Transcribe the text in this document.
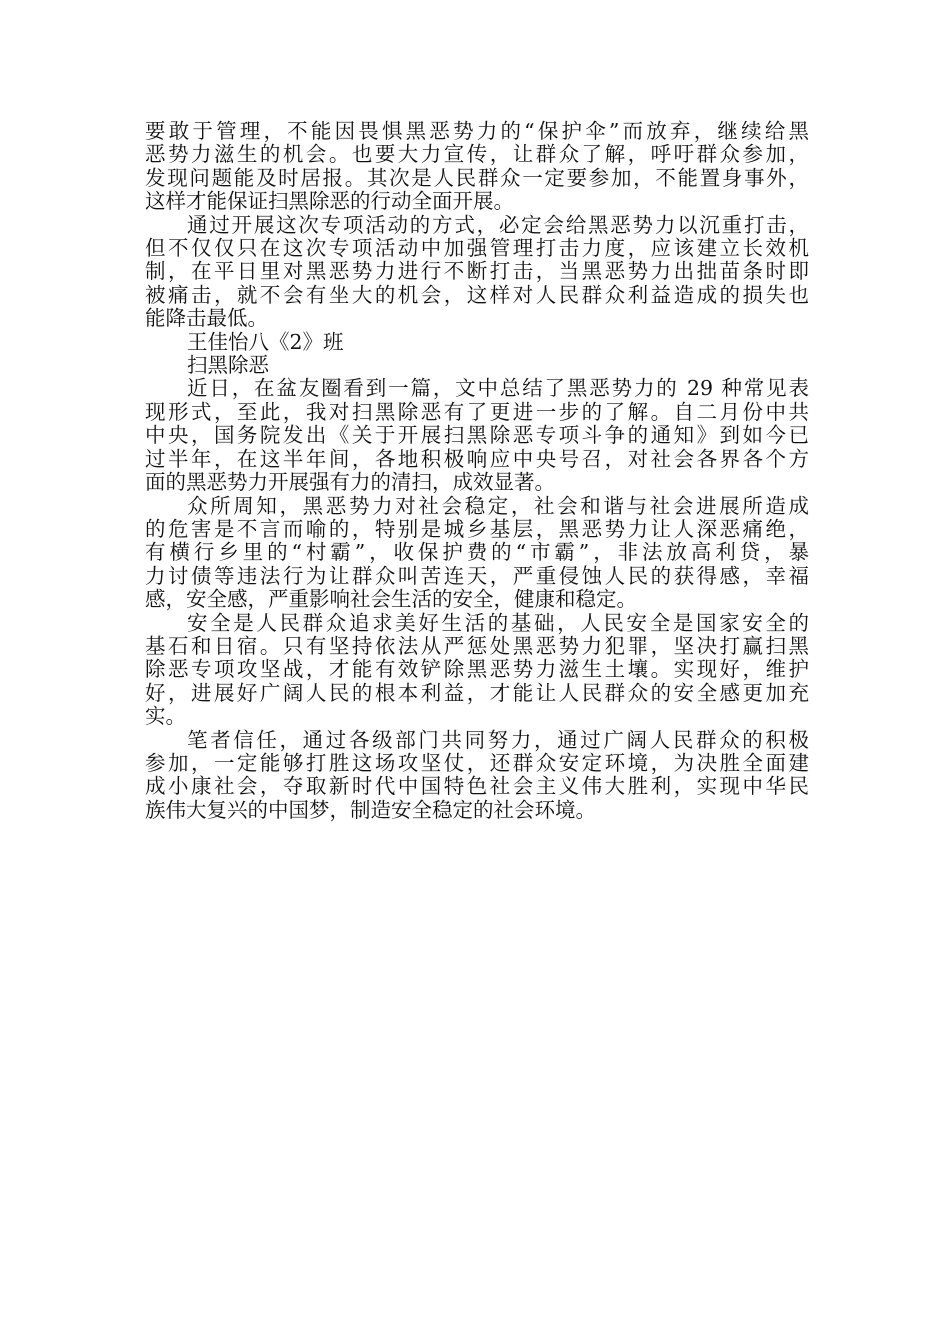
要敢于管理，不能因畏惧黑恶势力的“保护伞”而放弃，继续给黑
恶势力滋生的机会。也要大力宣传，让群众了解，呼吁群众参加，
发现问题能及时居报。其次是人民群众一定要参加，不能置身事外，
这样才能保证扫黑除恶的行动全面开展。
通过开展这次专项活动的方式，必定会给黑恶势力以沉重打击，
但不仅仅只在这次专项活动中加强管理打击力度，应该建立长效机
制，在平日里对黑恶势力进行不断打击，当黑恶势力出拙苗条时即
被痛击，就不会有坐大的机会，这样对人民群众利益造成的损失也
能降击最低。
王佳怡八《2》班
扫黑除恶
近日，在盆友圈看到一篇，文中总结了黑恶势力的 29 种常见表
现形式，至此，我对扫黑除恶有了更进一步的了解。自二月份中共
中央，国务院发出《关于开展扫黑除恶专项斗争的通知》到如今已
过半年，在这半年间，各地积极响应中央号召，对社会各界各个方
面的黑恶势力开展强有力的清扫，成效显著。
众所周知，黑恶势力对社会稳定，社会和谐与社会进展所造成
的危害是不言而喻的，特别是城乡基层，黑恶势力让人深恶痛绝，
有横行乡里的“村霸”，收保护费的“市霸”，非法放高利贷，暴
力讨债等违法行为让群众叫苦连天，严重侵蚀人民的获得感，幸福
感，安全感，严重影响社会生活的安全，健康和稳定。
安全是人民群众追求美好生活的基础，人民安全是国家安全的
基石和日宿。只有坚持依法从严惩处黑恶势力犯罪，坚决打赢扫黑
除恶专项攻坚战，才能有效铲除黑恶势力滋生土壤。实现好，维护
好，进展好广阔人民的根本利益，才能让人民群众的安全感更加充
实。
笔者信任，通过各级部门共同努力，通过广阔人民群众的积极
参加，一定能够打胜这场攻坚仗，还群众安定环境，为决胜全面建
成小康社会，夺取新时代中国特色社会主义伟大胜利，实现中华民
族伟大复兴的中国梦，制造安全稳定的社会环境。
